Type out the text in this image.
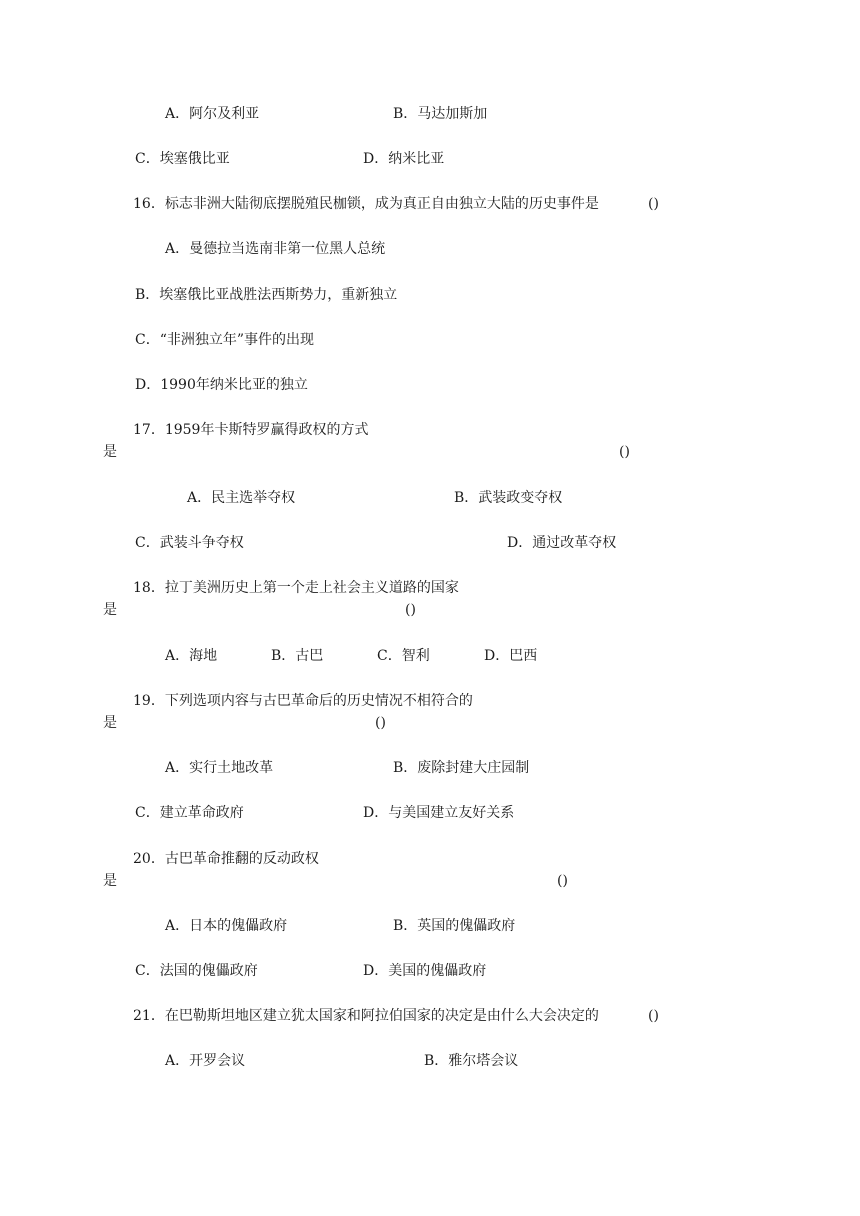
A．阿尔及利亚	B．马达加斯加
C．埃塞俄比亚	D．纳米比亚
16．标志非洲大陆彻底摆脱殖民枷锁，成为真正自由独立大陆的历史事件是	()
A．曼德拉当选南非第一位黑人总统
B．埃塞俄比亚战胜法西斯势力，重新独立
C．“非洲独立年”事件的出现
D．1990年纳米比亚的独立
17．1959年卡斯特罗赢得政权的方式
是	()
A．民主选举夺权	B．武装政变夺权
C．武装斗争夺权	D．通过改革夺权
18．拉丁美洲历史上第一个走上社会主义道路的国家
是	()
A．海地	B．古巴	C．智利	D．巴西
19．下列选项内容与古巴革命后的历史情况不相符合的
是	()
A．实行土地改革	B．废除封建大庄园制
C．建立革命政府	D．与美国建立友好关系
20．古巴革命推翻的反动政权
是	()
A．日本的傀儡政府	B．英国的傀儡政府
C．法国的傀儡政府	D．美国的傀儡政府
21．在巴勒斯坦地区建立犹太国家和阿拉伯国家的决定是由什么大会决定的	()
A．开罗会议	B．雅尔塔会议
